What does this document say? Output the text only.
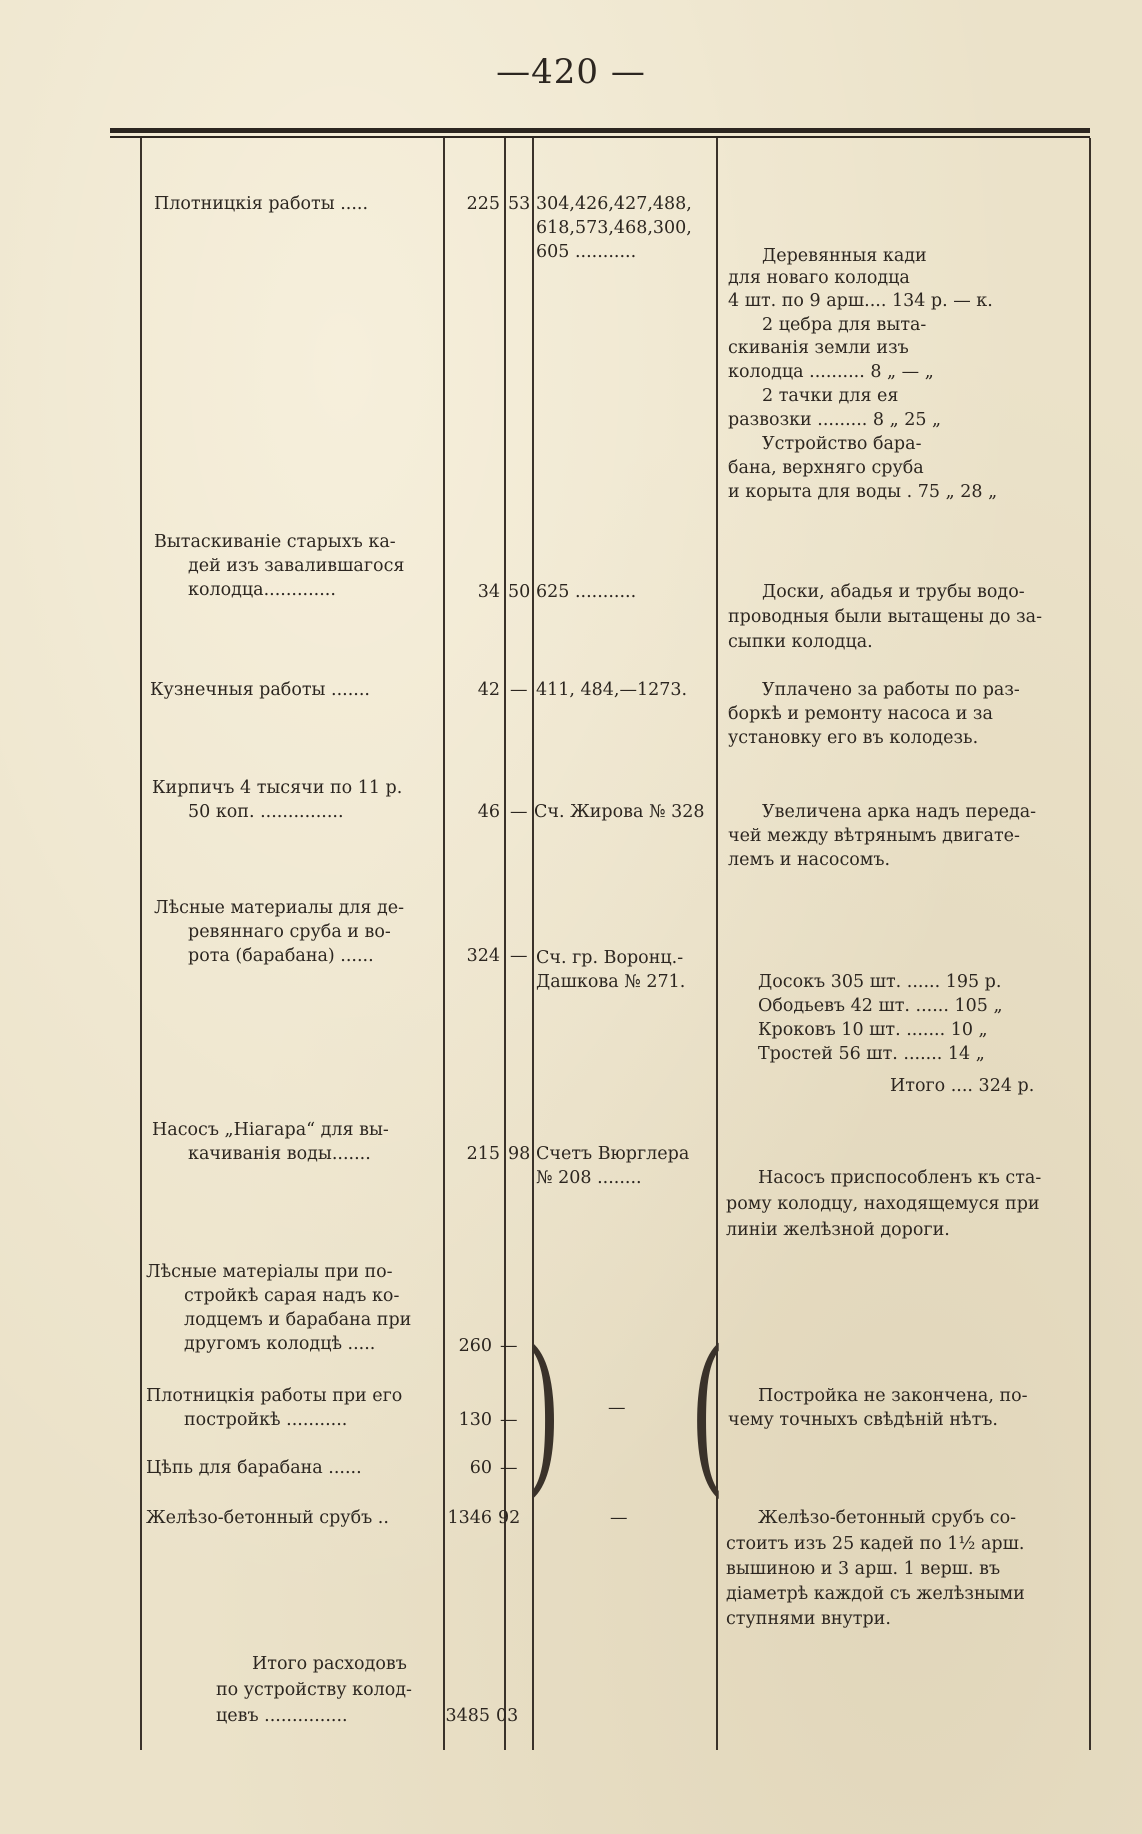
—420 —
Плотницкія работы .....	225 53 304,426,427,488,
618,573,468,300,
605 ...........	Деревянныя кади
для новаго колодца
4 шт. по 9 арш.... 134 р. — к.
2 цебра для выта-
скиванія земли изъ
колодца .......... 8 „ — „
2 тачки для ея
развозки ......... 8 „ 25 „
Устройство бара-
бана, верхняго сруба
и корыта для воды . 75 „ 28 „
Вытаскиваніе старыхъ ка-
дей изъ завалившагося
колодца.............	34 50 625 ...........	Доски, абадья и трубы водо-
проводныя были вытащены до за-
сыпки колодца.
Кузнечныя работы .......	42 — 411, 484,—1273.	Уплачено за работы по раз-
боркѣ и ремонту насоса и за
установку его въ колодезь.
Кирпичъ 4 тысячи по 11 р.
50 коп. ...............	46 — Сч. Жирова № 328	Увеличена арка надъ переда-
чей между вѣтрянымъ двигате-
лемъ и насосомъ.
Лѣсные материалы для де-
ревяннаго сруба и во-
рота (барабана) ......	324 — Сч. гр. Воронц.-
Дашкова № 271.	Досокъ 305 шт. ...... 195 р.
Ободьевъ 42 шт. ...... 105 „
Кроковъ 10 шт. ....... 10 „
Тростей 56 шт. ....... 14 „
Итого .... 324 р.
Насосъ „Ніагара“ для вы-
качиванія воды.......	215 98 Счетъ Вюрглера
№ 208 ........	Насосъ приспособленъ къ ста-
рому колодцу, находящемуся при
линіи желѣзной дороги.
Лѣсные матеріалы при по-
стройкѣ сарая надъ ко-
лодцемъ и барабана при
другомъ колодцѣ .....	260 — ) (
Плотницкія работы при его
постройкѣ ...........	130 —
—
Постройка не закончена, по-
чему точныхъ свѣдѣній нѣтъ.
Цѣпь для барабана ......	60 —
Желѣзо-бетонный срубъ ..	1346 92	—	Желѣзо-бетонный срубъ со-
стоитъ изъ 25 кадей по 1½ арш.
вышиною и 3 арш. 1 верш. въ
діаметрѣ каждой съ желѣзными
ступнями внутри.
Итого расходовъ
по устройству колод-
цевъ ...............	3485 03
